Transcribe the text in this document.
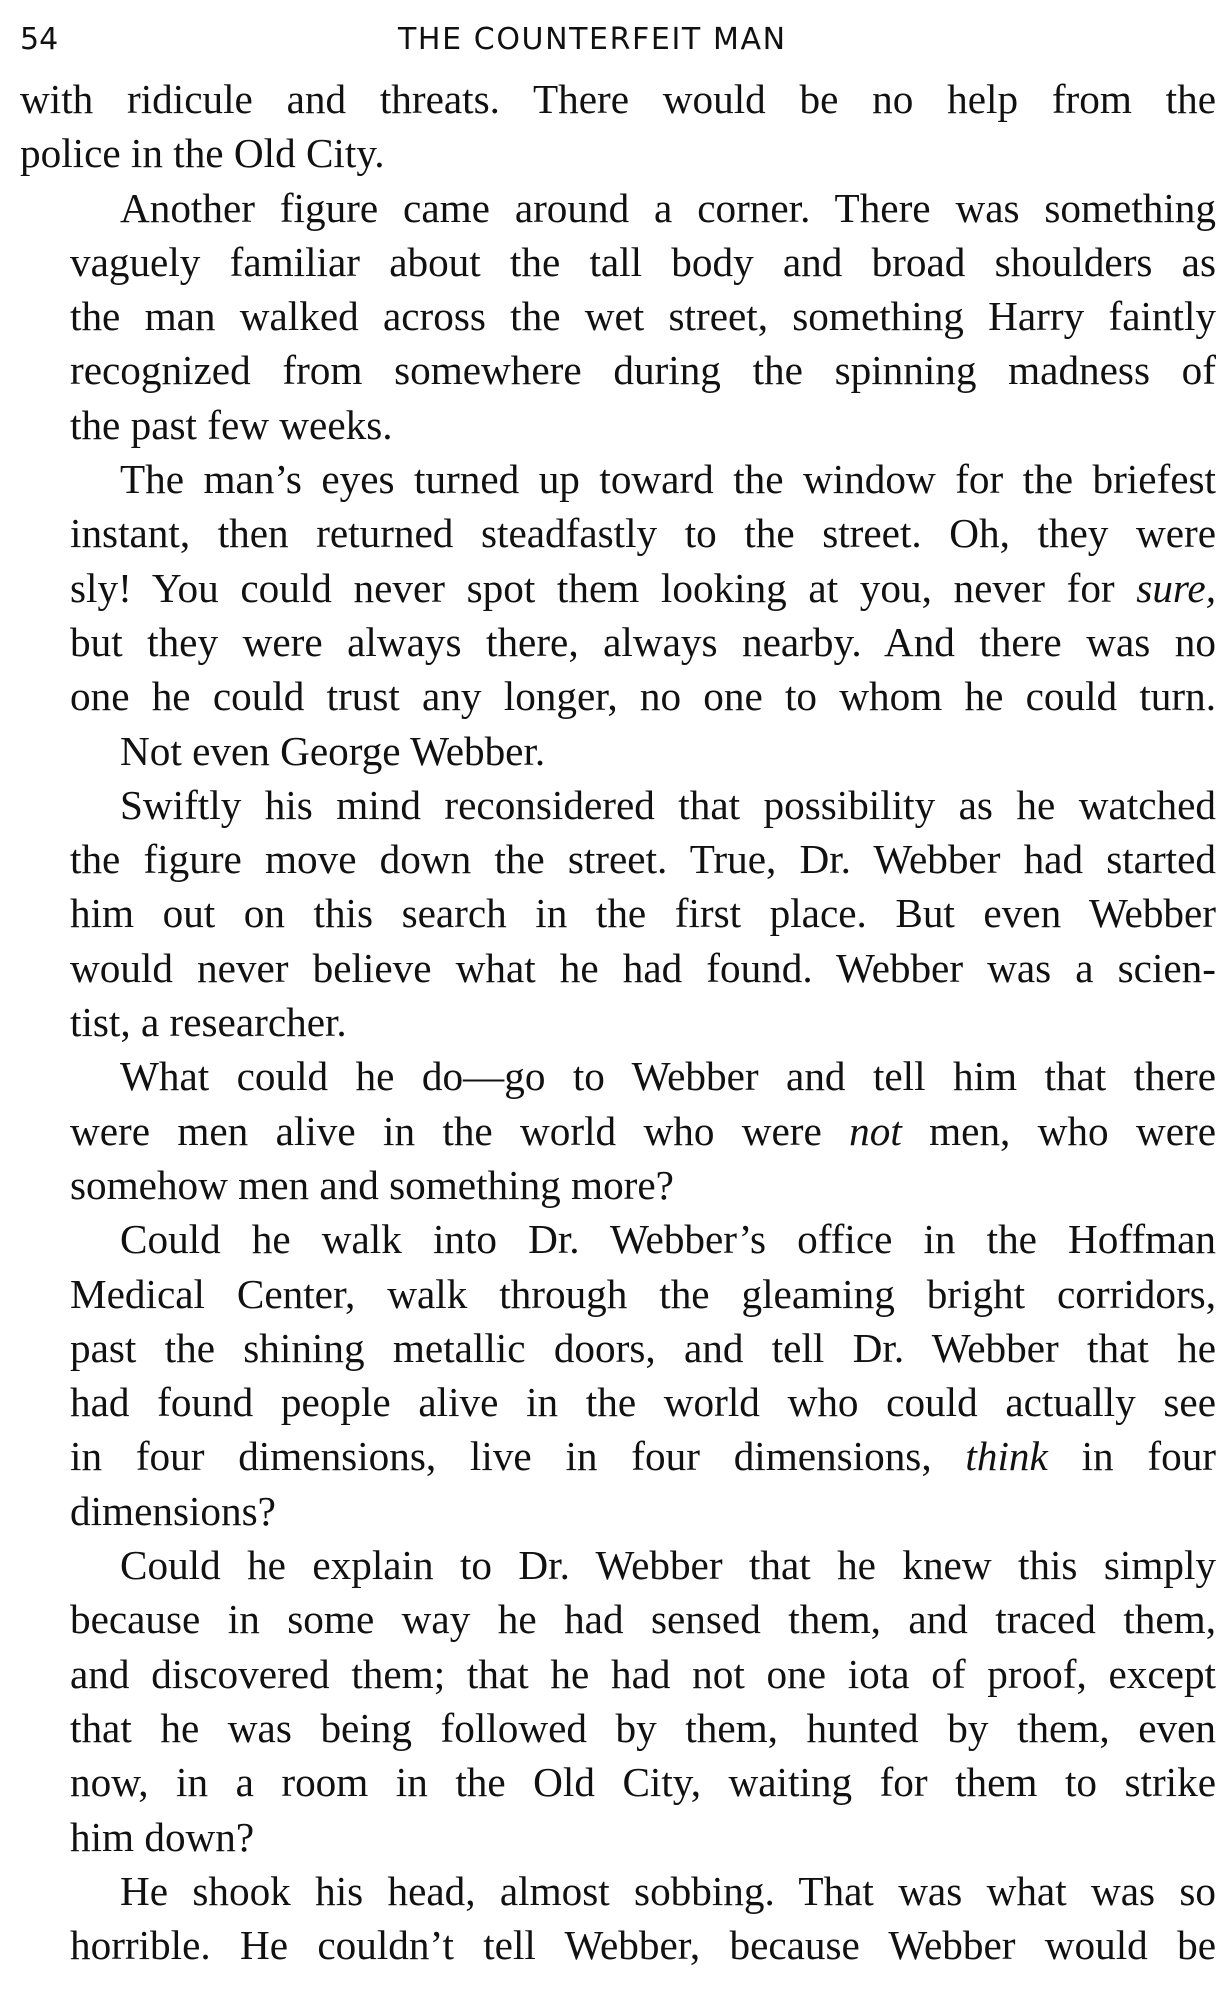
54	THE COUNTERFEIT MAN
with ridicule and threats. There would be no help from the
police in the Old City.
Another figure came around a corner. There was something
vaguely familiar about the tall body and broad shoulders as
the man walked across the wet street, something Harry faintly
recognized from somewhere during the spinning madness of
the past few weeks.
The man’s eyes turned up toward the window for the briefest
instant, then returned steadfastly to the street. Oh, they were
sly! You could never spot them looking at you, never for sure,
but they were always there, always nearby. And there was no
one he could trust any longer, no one to whom he could turn.
Not even George Webber.
Swiftly his mind reconsidered that possibility as he watched
the figure move down the street. True, Dr. Webber had started
him out on this search in the first place. But even Webber
would never believe what he had found. Webber was a scien-
tist, a researcher.
What could he do—go to Webber and tell him that there
were men alive in the world who were not men, who were
somehow men and something more?
Could he walk into Dr. Webber’s office in the Hoffman
Medical Center, walk through the gleaming bright corridors,
past the shining metallic doors, and tell Dr. Webber that he
had found people alive in the world who could actually see
in four dimensions, live in four dimensions, think in four
dimensions?
Could he explain to Dr. Webber that he knew this simply
because in some way he had sensed them, and traced them,
and discovered them; that he had not one iota of proof, except
that he was being followed by them, hunted by them, even
now, in a room in the Old City, waiting for them to strike
him down?
He shook his head, almost sobbing. That was what was so
horrible. He couldn’t tell Webber, because Webber would be
